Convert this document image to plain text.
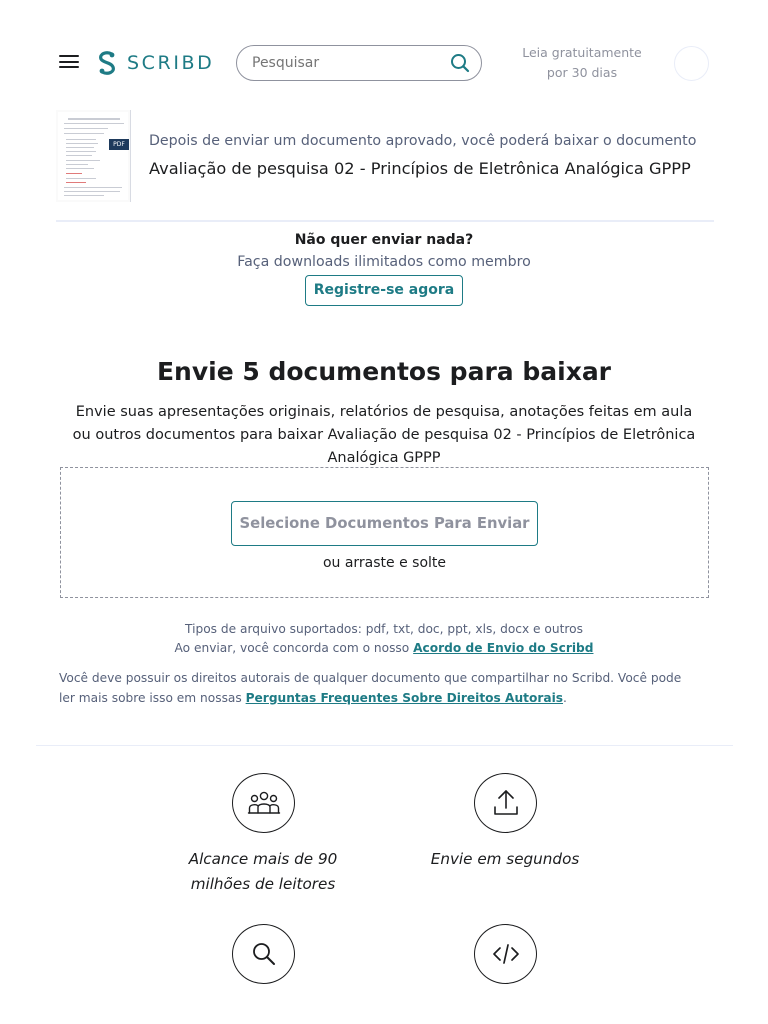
SCRIBD
Pesquisar	Leia gratuitamente
por 30 dias
PDF Depois de enviar um documento aprovado, você poderá baixar o documento
Avaliação de pesquisa 02 - Princípios de Eletrônica Analógica GPPP
Não quer enviar nada?
Faça downloads ilimitados como membro
Registre-se agora
Envie 5 documentos para baixar
Envie suas apresentações originais, relatórios de pesquisa, anotações feitas em aula ou outros documentos para baixar Avaliação de pesquisa 02 - Princípios de Eletrônica Analógica GPPP
Selecione Documentos Para Enviar
ou arraste e solte
Tipos de arquivo suportados: pdf, txt, doc, ppt, xls, docx e outros
Ao enviar, você concorda com o nosso Acordo de Envio do Scribd
Você deve possuir os direitos autorais de qualquer documento que compartilhar no Scribd. Você pode ler mais sobre isso em nossas Perguntas Frequentes Sobre Direitos Autorais.
Alcance mais de 90
milhões de leitores
Envie em segundos
